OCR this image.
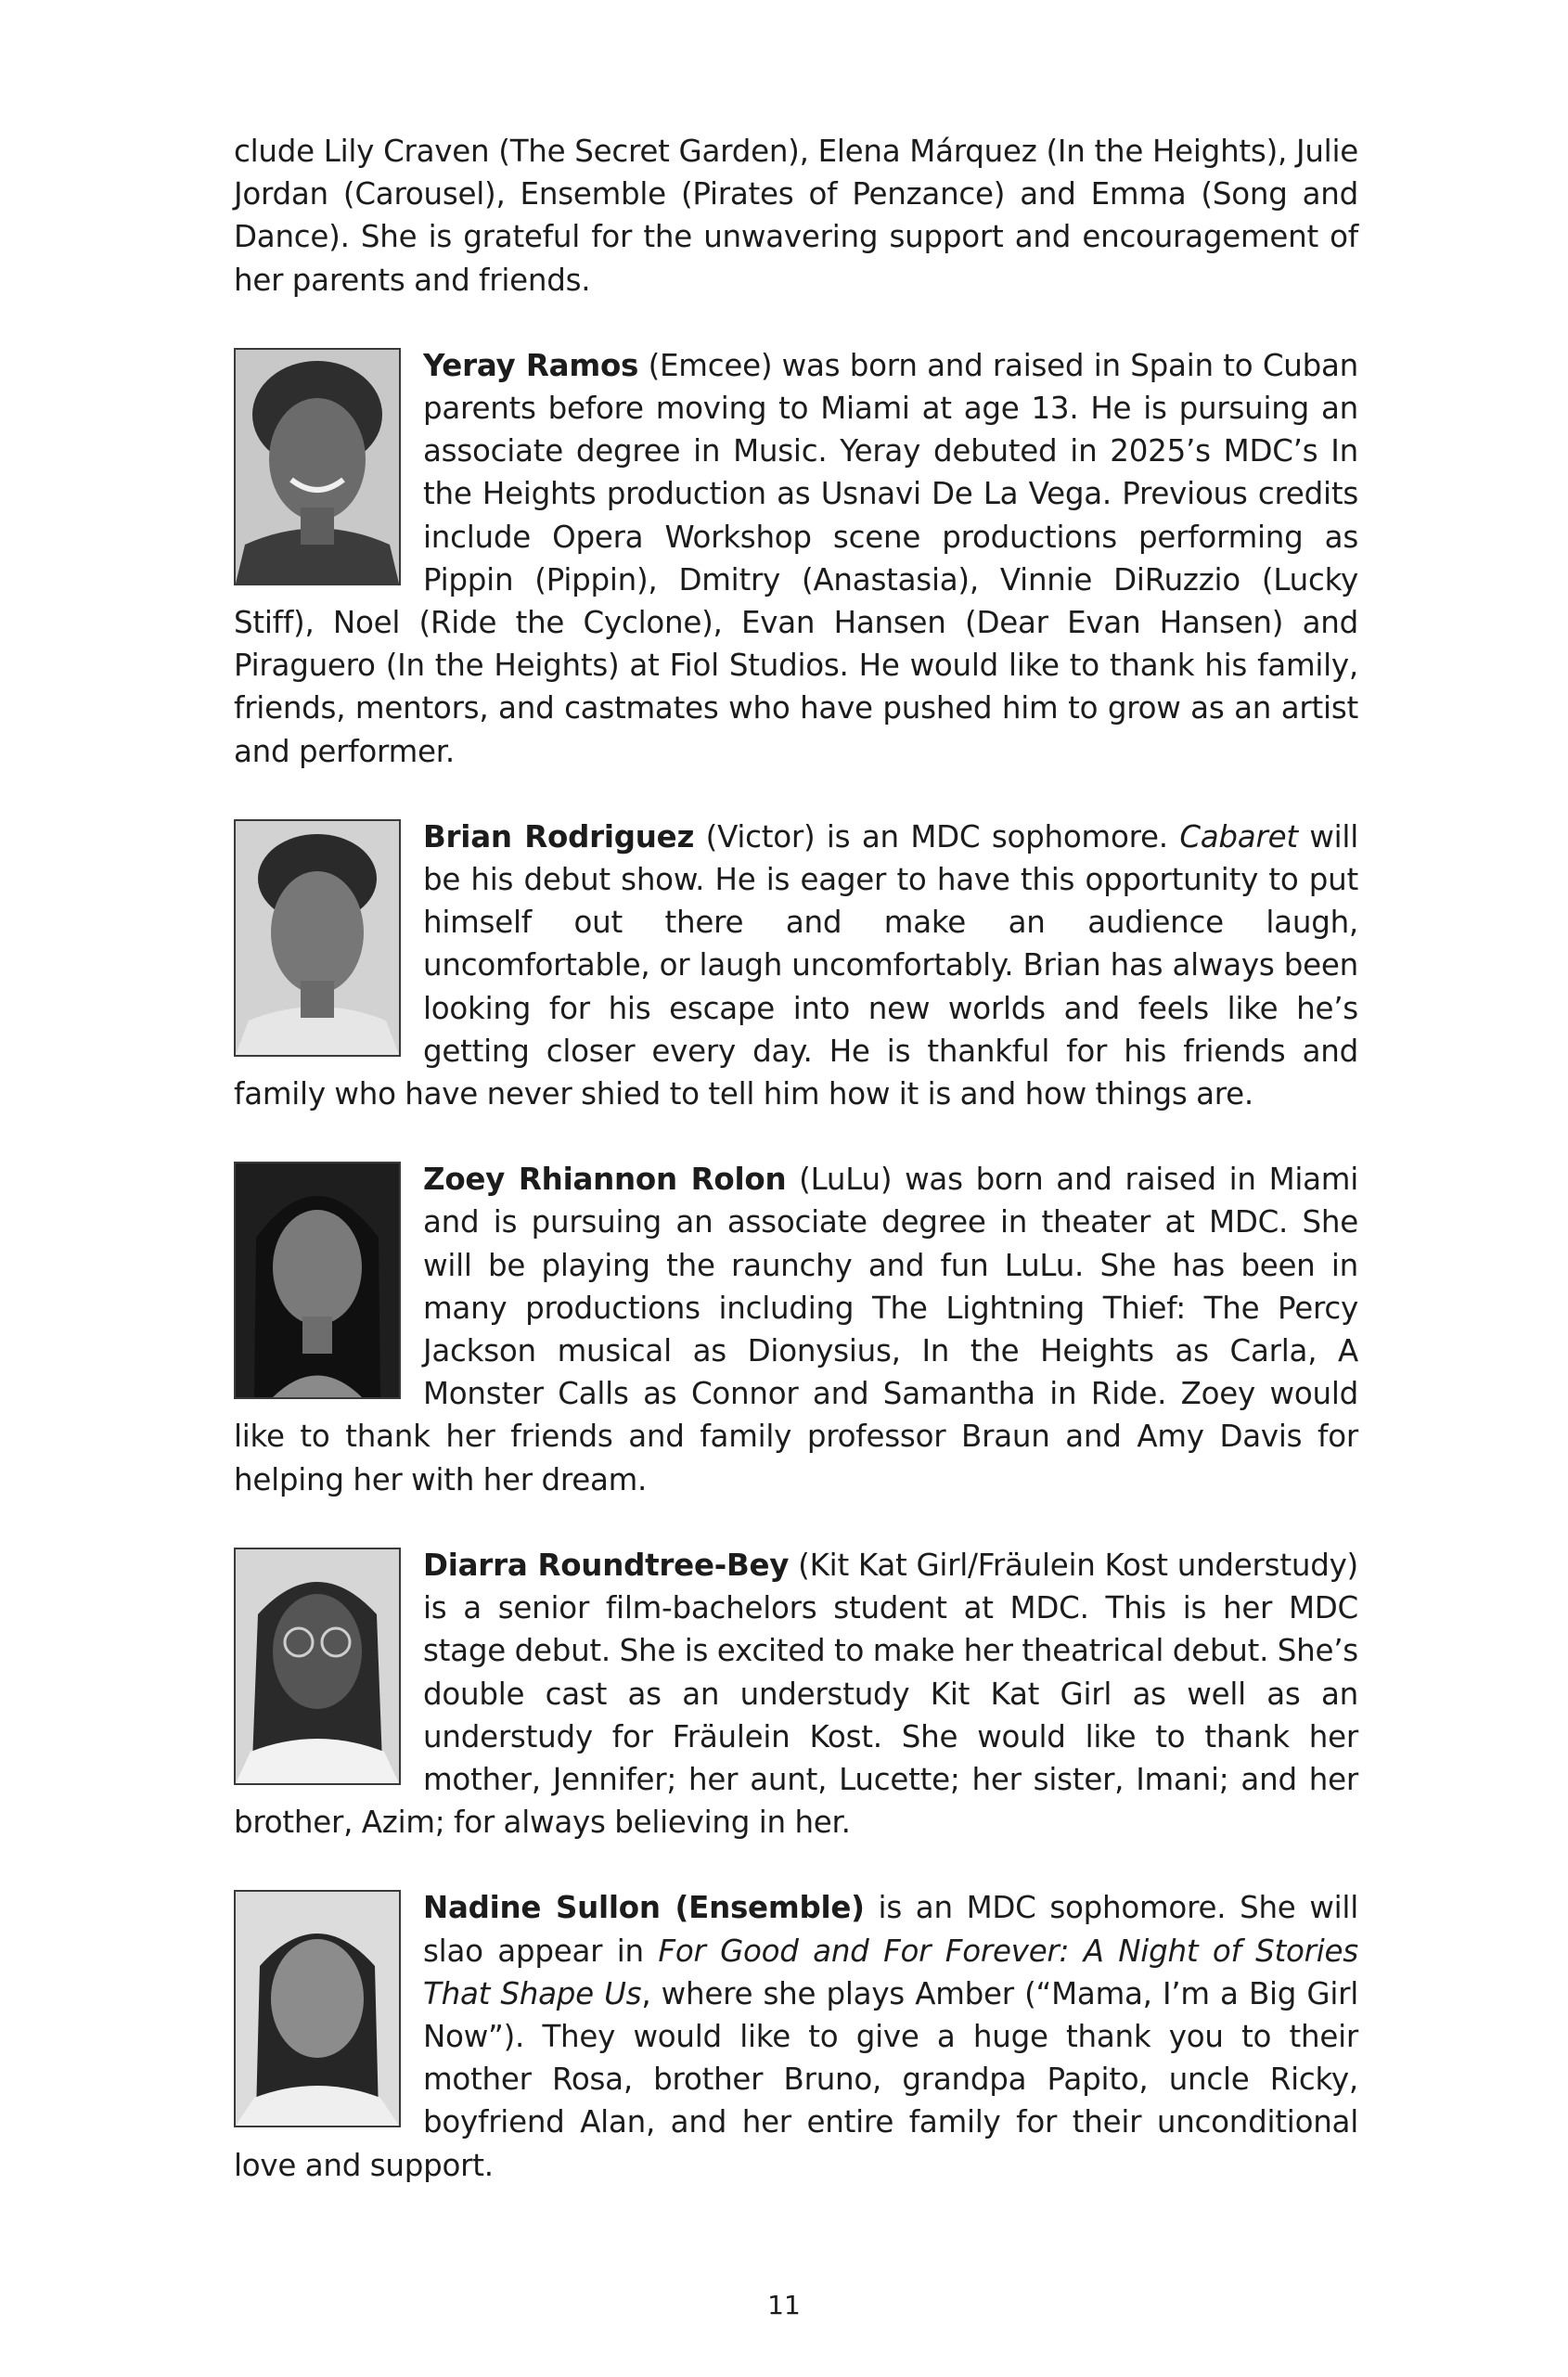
clude Lily Craven (The Secret Garden), Elena Márquez (In the Heights), Julie Jordan (Carousel), Ensemble (Pirates of Penzance) and Emma (Song and Dance). She is grateful for the unwavering support and encouragement of her parents and friends.

Yeray Ramos (Emcee) was born and raised in Spain to Cuban parents before moving to Miami at age 13. He is pursuing an associate degree in Music. Yeray debuted in 2025’s MDC’s In the Heights production as Usnavi De La Vega. Previous credits include Opera Workshop scene productions performing as Pippin (Pippin), Dmitry (Anastasia), Vinnie DiRuzzio (Lucky Stiff), Noel (Ride the Cyclone), Evan Hansen (Dear Evan Hansen) and Piraguero (In the Heights) at Fiol Studios. He would like to thank his family, friends, mentors, and castmates who have pushed him to grow as an artist and performer.

Brian Rodriguez (Victor) is an MDC sophomore. Cabaret will be his debut show. He is eager to have this opportunity to put himself out there and make an audience laugh, uncomfortable, or laugh uncomfortably. Brian has always been looking for his escape into new worlds and feels like he’s getting closer every day. He is thankful for his friends and family who have never shied to tell him how it is and how things are.

Zoey Rhiannon Rolon (LuLu) was born and raised in Miami and is pursuing an associate degree in theater at MDC. She will be playing the raunchy and fun LuLu. She has been in many productions including The Lightning Thief: The Percy Jackson musical as Dionysius, In the Heights as Carla, A Monster Calls as Connor and Samantha in Ride. Zoey would like to thank her friends and family professor Braun and Amy Davis for helping her with her dream.

Diarra Roundtree-Bey (Kit Kat Girl/Fräulein Kost understudy) is a senior film-bachelors student at MDC. This is her MDC stage debut. She is excited to make her theatrical debut. She’s double cast as an understudy Kit Kat Girl as well as an understudy for Fräulein Kost. She would like to thank her mother, Jennifer; her aunt, Lucette; her sister, Imani; and her brother, Azim; for always believing in her.

Nadine Sullon (Ensemble) is an MDC sophomore. She will slao appear in For Good and For Forever: A Night of Stories That Shape Us, where she plays Amber (“Mama, I’m a Big Girl Now”). They would like to give a huge thank you to their mother Rosa, brother Bruno, grandpa Papito, uncle Ricky, boyfriend Alan, and her entire family for their unconditional love and support.

11
